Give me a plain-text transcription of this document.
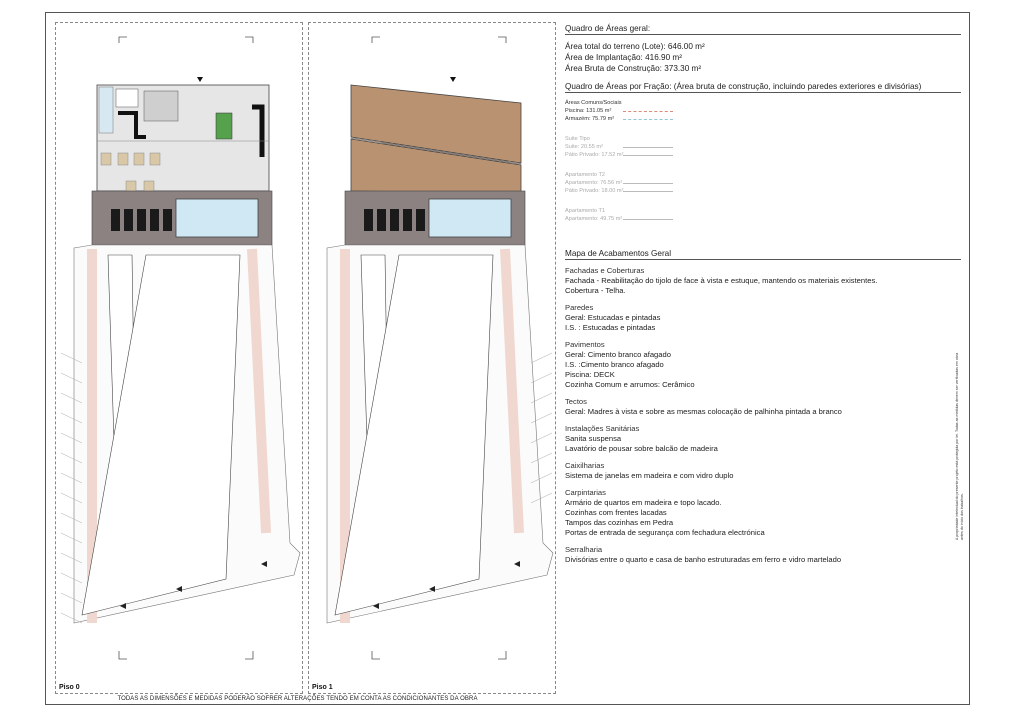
Piso 0	Piso 1
TODAS AS DIMENSÕES E MEDIDAS PODERÃO SOFRER ALTERAÇÕES TENDO EM CONTA AS CONDICIONANTES DA OBRA
Quadro de Áreas geral:
Área total do terreno (Lote): 646.00 m²
Área de Implantação: 416.90 m²
Área Bruta de Construção: 373.30 m²
Quadro de Áreas por Fração: (Área bruta de construção, incluindo paredes exteriores e divisórias)
Áreas Comuns/Sociais
Piscina: 131.05 m²
Armazém: 75.79 m²
Suite Tipo
Suite: 20.55 m²
Pátio Privado: 17.52 m²
Apartamento T2
Apartamento: 76.56 m²
Pátio Privado: 18.00 m²
Apartamento T1
Apartamento: 49.75 m²
Mapa de Acabamentos Geral
Fachadas e Coberturas
Fachada - Reabilitação do tijolo de face à vista e estuque, mantendo os materiais existentes.
Cobertura - Telha.
Paredes
Geral: Estucadas e pintadas
I.S. : Estucadas e pintadas
Pavimentos
Geral: Cimento branco afagado
I.S. :Cimento branco afagado
Piscina: DECK
Cozinha Comum e arrumos: Cerâmico
Tectos
Geral: Madres à vista e sobre as mesmas colocação de palhinha pintada a branco
Instalações Sanitárias
Sanita suspensa
Lavatório de pousar sobre balcão de madeira
Caixilharias
Sistema de janelas em madeira e com vidro duplo
Carpintarias
Armário de quartos em madeira e topo lacado.
Cozinhas com frentes lacadas
Tampos das cozinhas em Pedra
Portas de entrada de segurança com fechadura electrónica
Serralharia
Divisórias entre o quarto e casa de banho estruturadas em ferro e vidro martelado
A propriedade intelectual do presente projeto está protegida por lei. Todas as medidas devem ser verificadas em obra antes do início dos trabalhos.
